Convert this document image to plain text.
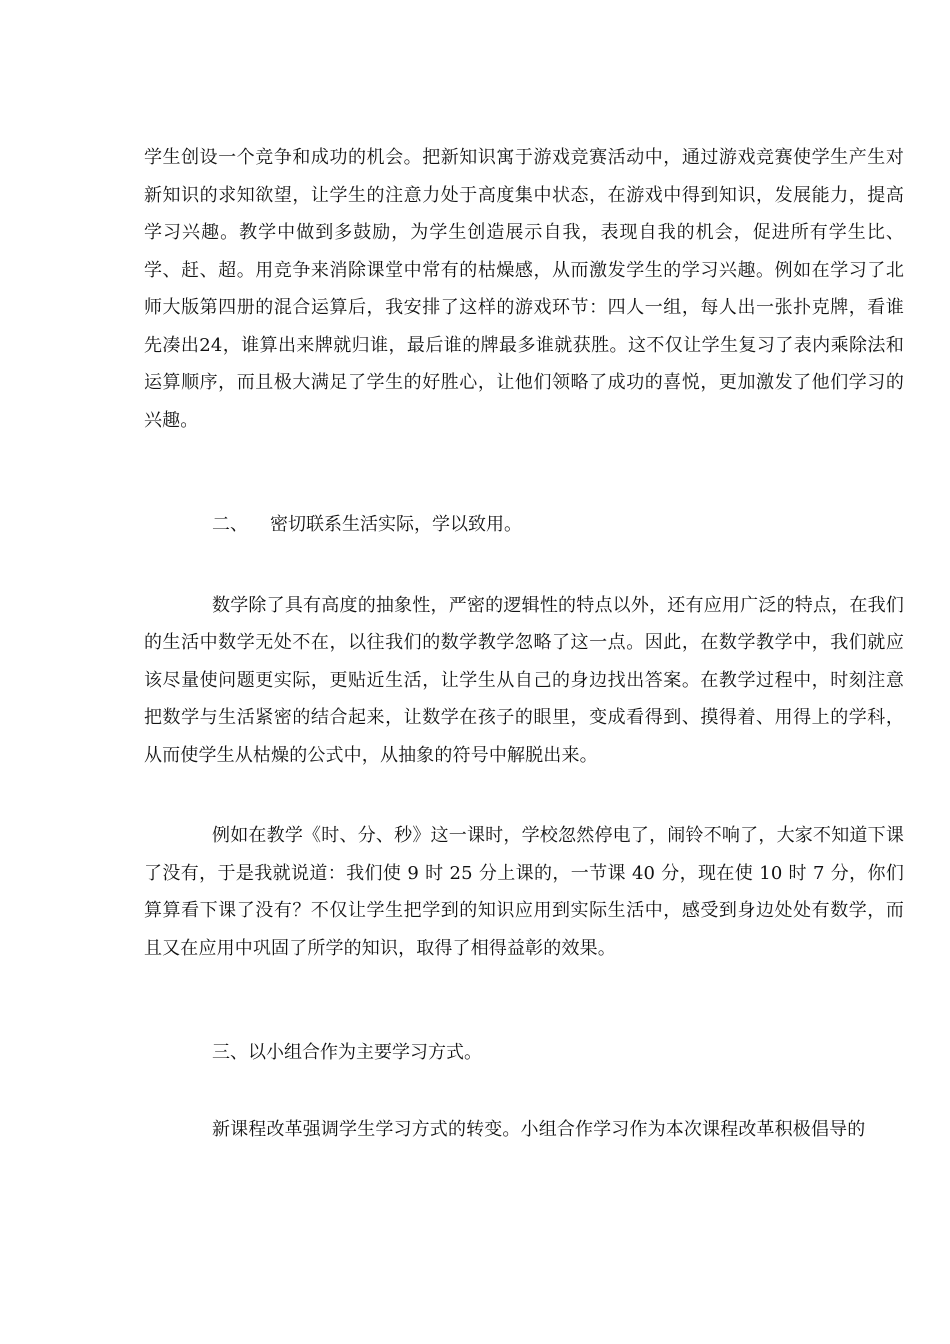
学生创设一个竞争和成功的机会。把新知识寓于游戏竞赛活动中，通过游戏竞赛使学生产生对新知识的求知欲望，让学生的注意力处于高度集中状态，在游戏中得到知识，发展能力，提高学习兴趣。教学中做到多鼓励，为学生创造展示自我，表现自我的机会，促进所有学生比、学、赶、超。用竞争来消除课堂中常有的枯燥感，从而激发学生的学习兴趣。例如在学习了北师大版第四册的混合运算后，我安排了这样的游戏环节：四人一组，每人出一张扑克牌，看谁先凑出24，谁算出来牌就归谁，最后谁的牌最多谁就获胜。这不仅让学生复习了表内乘除法和运算顺序，而且极大满足了学生的好胜心，让他们领略了成功的喜悦，更加激发了他们学习的兴趣。

二、 密切联系生活实际，学以致用。

数学除了具有高度的抽象性，严密的逻辑性的特点以外，还有应用广泛的特点，在我们的生活中数学无处不在，以往我们的数学教学忽略了这一点。因此，在数学教学中，我们就应该尽量使问题更实际，更贴近生活，让学生从自己的身边找出答案。在教学过程中，时刻注意把数学与生活紧密的结合起来，让数学在孩子的眼里，变成看得到、摸得着、用得上的学科，从而使学生从枯燥的公式中，从抽象的符号中解脱出来。

例如在教学《时、分、秒》这一课时，学校忽然停电了，闹铃不响了，大家不知道下课了没有，于是我就说道：我们使 9 时 25 分上课的，一节课 40 分，现在使 10 时 7 分，你们算算看下课了没有？不仅让学生把学到的知识应用到实际生活中，感受到身边处处有数学，而且又在应用中巩固了所学的知识，取得了相得益彰的效果。

三、以小组合作为主要学习方式。

新课程改革强调学生学习方式的转变。小组合作学习作为本次课程改革积极倡导的
